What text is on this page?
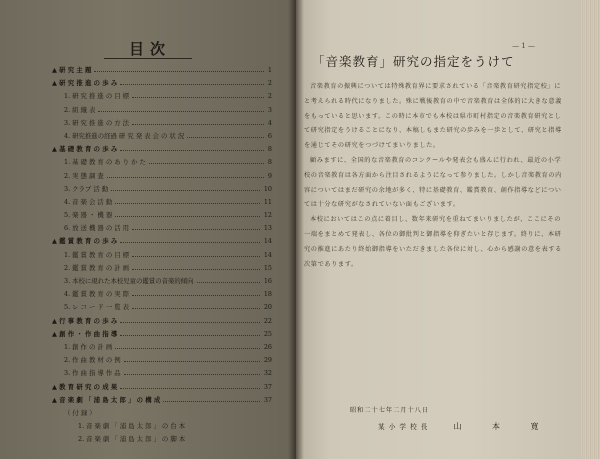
目次
▲ 研 究 主 題	1
▲ 研 究 推 進 の 歩 み	2
1. 研 究 推 進 の 目 標	2
2. 組 織 表	3
3. 研 究 推 進 の 方 法	4
4. 研究推進の経過 研 究 発 表 会 の 状 況	6
▲ 基 礎 教 育 の 歩 み	8
1. 基 礎 教 育 の あ り か た	8
2. 実 態 調 査	9
3. クラブ 活 動	10
4. 音 楽 会 活 動	11
5. 楽 器 ・ 機 器	12
6. 放 送 機 器 の 活 用	13
▲ 鑑 賞 教 育 の 歩 み	14
1. 鑑 賞 教 育 の 目 標	14
2. 鑑 賞 教 育 の 計 画	15
3. 本校に現れた本校児童の鑑賞の音楽的傾向	16
4. 鑑 賞 教 育 の 実 際	18
5. レ コ ー ド 一 覧 表	20
▲ 行 事 教 育 の 歩 み	22
▲ 創 作 ・ 作 曲 指 導	25
1. 創 作 の 計 画	26
2. 作 曲 教 材 の 例	29
3. 作 曲 指 導 作 品	32
▲ 教 育 研 究 の 成 果	37
▲ 音 楽 劇 「 浦 島 太 郎 」 の 構 成	37
（ 付 録 ）
1. 音 楽 劇 「 浦 島 太 郎 」 の 台 本
2. 音 楽 劇 「 浦 島 太 郎 」 の 脚 本
— 1 —
「音楽教育」研究の指定をうけて
音楽教育の振興については特殊教育界に要求されている「音楽教育研究指定校」にと考えられる時代になりました。殊に戦後教育の中で音楽教育は全体的に大きな意義をもっていると思います。この時に本市でも本校は県市町村指定の音楽教育研究として研究指定をうけることになり、本稿しもまた研究の歩みを一歩として、研究と指導を通じてその研究をつづけてまいりました。
顧みますに、全国的な音楽教育のコンクールや発表会も盛んに行われ、最近の小学校の音楽教育は各方面から注目されるようになって参りました。しかし音楽教育の内容についてはまだ研究の余地が多く、特に基礎教育、鑑賞教育、創作指導などについては十分な研究がなされていない面もございます。
本校においてはこの点に着目し、数年来研究を重ねてまいりましたが、ここにその一端をまとめて発表し、各位の御批判と御指導を仰ぎたいと存じます。終りに、本研究の推進にあたり終始御指導をいただきました各位に対し、心から感謝の意を表する次第であります。
昭和二十七年二月十八日
某 小 学 校 長	山 本 寛
